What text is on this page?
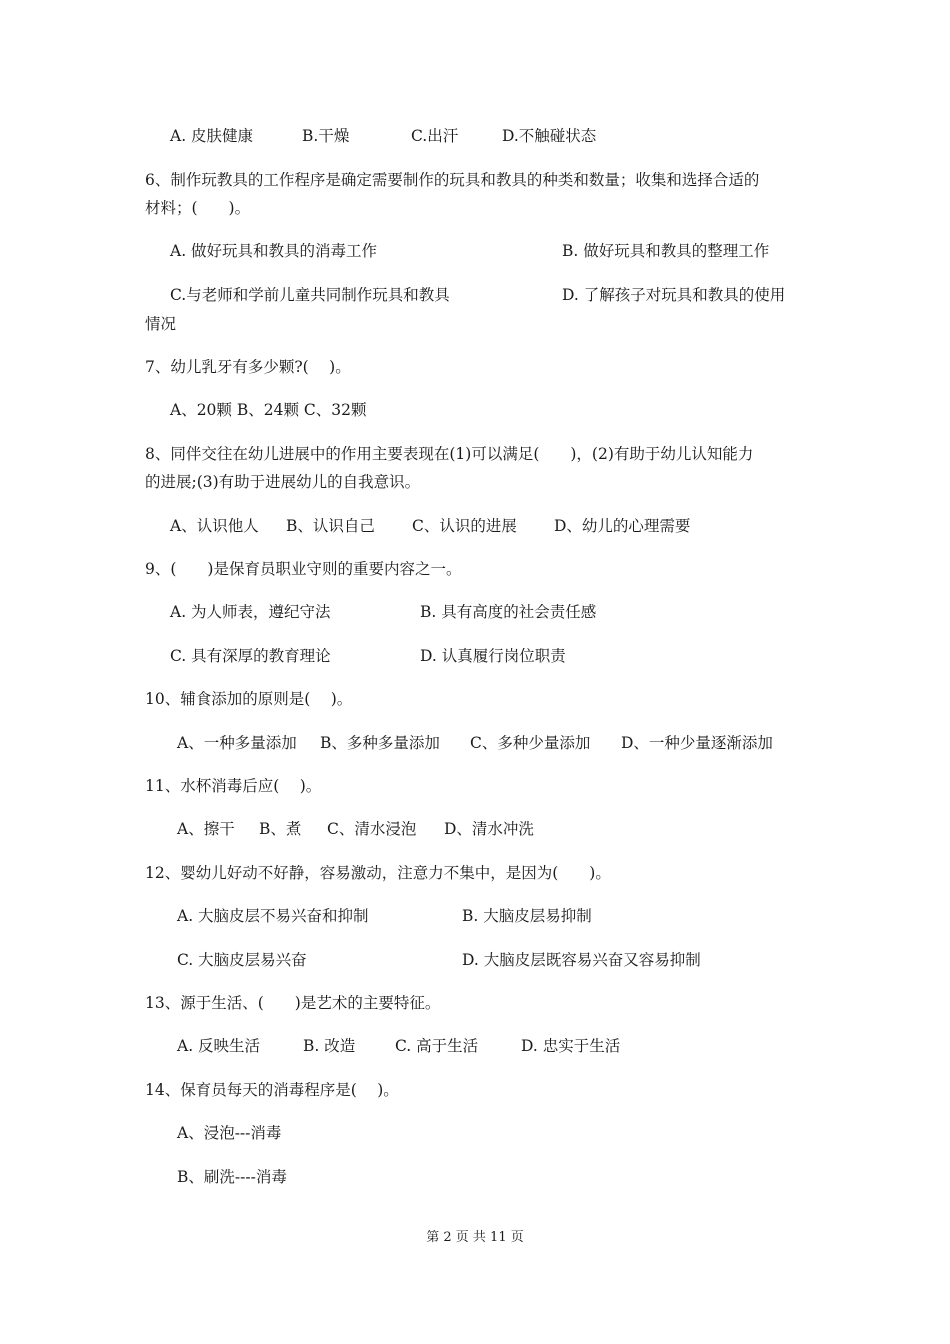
A. 皮肤健康	B.干燥	C.出汗	D.不触碰状态
6、制作玩教具的工作程序是确定需要制作的玩具和教具的种类和数量；收集和选择合适的
材料；(　　)。
A. 做好玩具和教具的消毒工作	B. 做好玩具和教具的整理工作
C.与老师和学前儿童共同制作玩具和教具	D. 了解孩子对玩具和教具的使用
情况
7、幼儿乳牙有多少颗?(　 )。
A、20颗 B、24颗 C、32颗
8、同伴交往在幼儿进展中的作用主要表现在(1)可以满足(　　)，(2)有助于幼儿认知能力
的进展;(3)有助于进展幼儿的自我意识。
A、认识他人 B、认识自己 C、认识的进展 D、幼儿的心理需要
9、(　　)是保育员职业守则的重要内容之一。
A. 为人师表，遵纪守法	B. 具有高度的社会责任感
C. 具有深厚的教育理论	D. 认真履行岗位职责
10、辅食添加的原则是(　 )。
A、一种多量添加 B、多种多量添加 C、多种少量添加 D、一种少量逐渐添加
11、水杯消毒后应(　 )。
A、擦干 B、煮 C、清水浸泡 D、清水冲洗
12、婴幼儿好动不好静，容易激动，注意力不集中，是因为(　　)。
A. 大脑皮层不易兴奋和抑制	B. 大脑皮层易抑制
C. 大脑皮层易兴奋	D. 大脑皮层既容易兴奋又容易抑制
13、源于生活、(　　)是艺术的主要特征。
A. 反映生活	B. 改造	C. 高于生活	D. 忠实于生活
14、保育员每天的消毒程序是(　 )。
A、浸泡---消毒
B、刷洗----消毒
第 2 页 共 11 页
